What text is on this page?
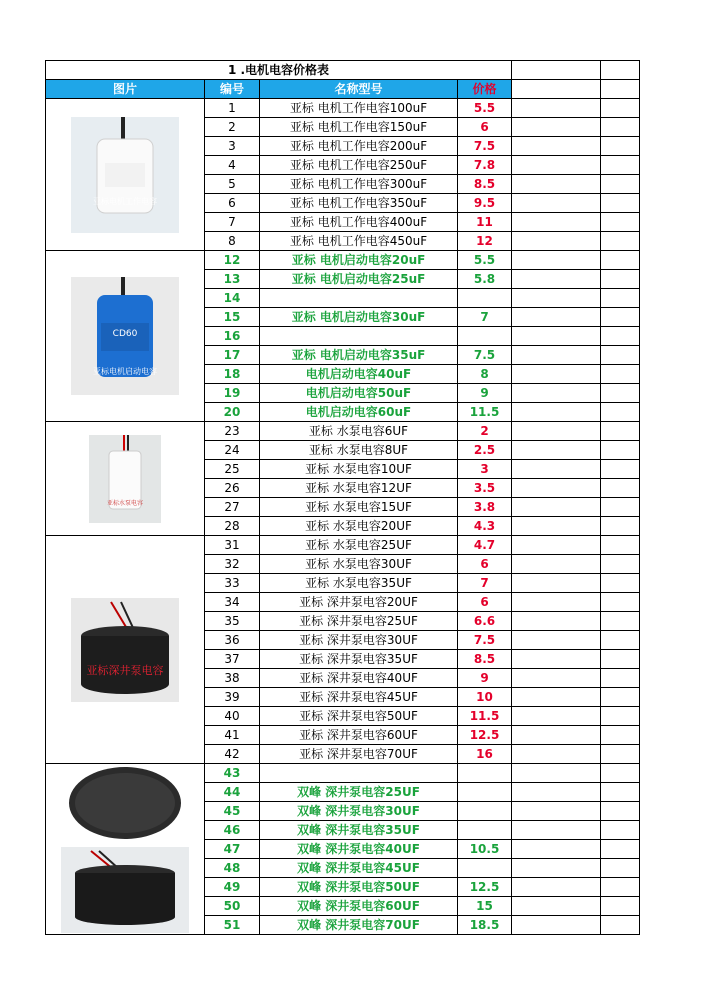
1 .电机电容价格表					
图片	编号	名称型号	价格		

亚标电机工作电容	1	亚标 电机工作电容100uF	5.5		
	2	亚标 电机工作电容150uF	6		
	3	亚标 电机工作电容200uF	7.5		
	4	亚标 电机工作电容250uF	7.8		
	5	亚标 电机工作电容300uF	8.5		
	6	亚标 电机工作电容350uF	9.5		
	7	亚标 电机工作电容400uF	11		
	8	亚标 电机工作电容450uF	12		

CD60
亚标电机启动电容	12	亚标 电机启动电容20uF	5.5		
	13	亚标 电机启动电容25uF	5.8		
	14				
	15	亚标 电机启动电容30uF	7		
	16				
	17	亚标 电机启动电容35uF	7.5		
	18	电机启动电容40uF	8		
	19	电机启动电容50uF	9		
	20	电机启动电容60uF	11.5		

亚标水泵电容	23	亚标 水泵电容6UF	2		
	24	亚标 水泵电容8UF	2.5		
	25	亚标 水泵电容10UF	3		
	26	亚标 水泵电容12UF	3.5		
	27	亚标 水泵电容15UF	3.8		
	28	亚标 水泵电容20UF	4.3		

亚标深井泵电容	31	亚标 水泵电容25UF	4.7		
	32	亚标 水泵电容30UF	6		
	33	亚标 水泵电容35UF	7		
	34	亚标 深井泵电容20UF	6		
	35	亚标 深井泵电容25UF	6.6		
	36	亚标 深井泵电容30UF	7.5		
	37	亚标 深井泵电容35UF	8.5		
	38	亚标 深井泵电容40UF	9		
	39	亚标 深井泵电容45UF	10		
	40	亚标 深井泵电容50UF	11.5		
	41	亚标 深井泵电容60UF	12.5		
	42	亚标 深井泵电容70UF	16		

	43				
	44	双峰 深井泵电容25UF			
	45	双峰 深井泵电容30UF			
	46	双峰 深井泵电容35UF			
	47	双峰 深井泵电容40UF	10.5		
	48	双峰 深井泵电容45UF			
	49	双峰 深井泵电容50UF	12.5		
	50	双峰 深井泵电容60UF	15		
	51	双峰 深井泵电容70UF	18.5		
